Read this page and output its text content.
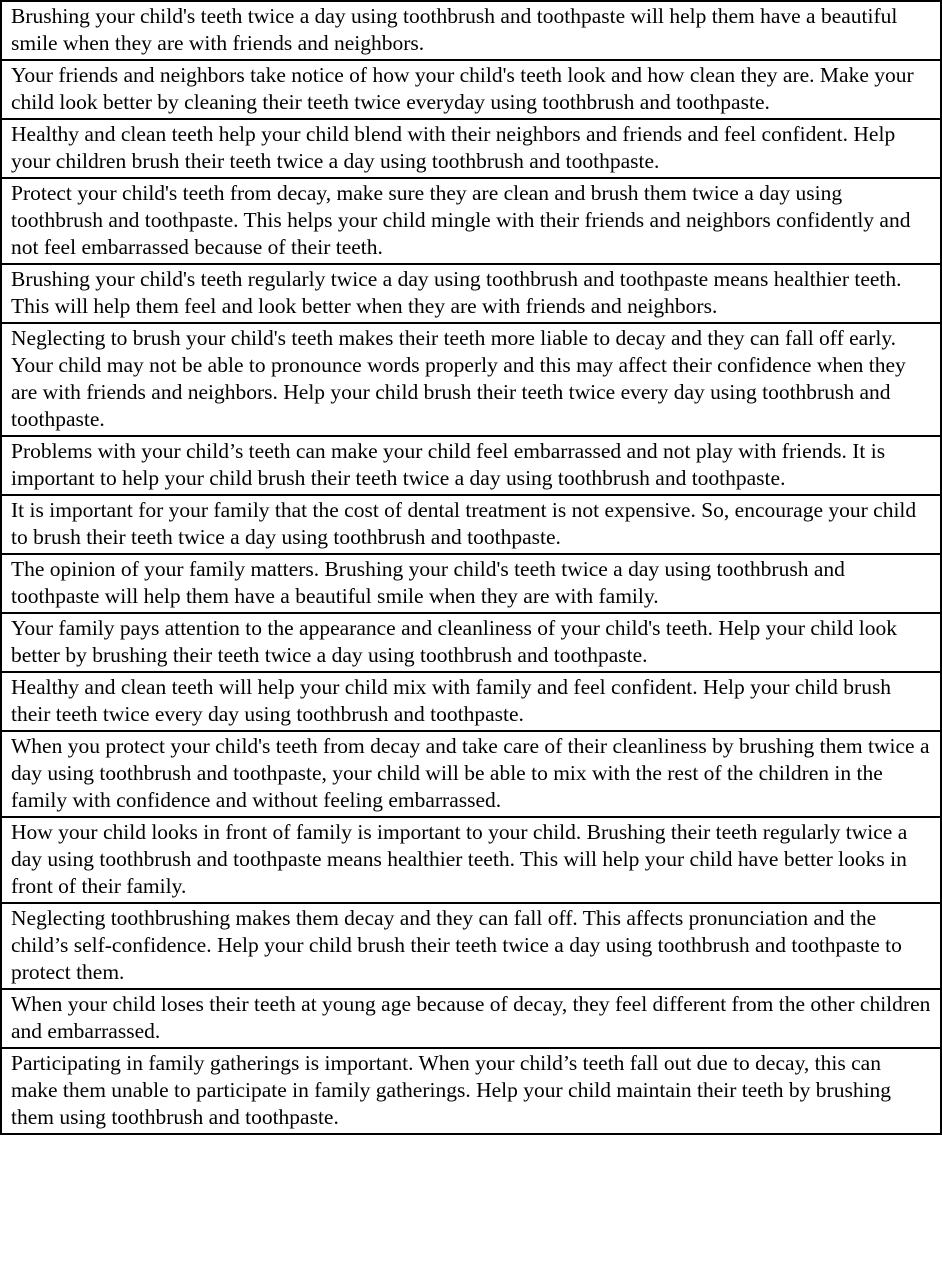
Brushing your child's teeth twice a day using toothbrush and toothpaste will help them have a beautiful smile when they are with friends and neighbors.
Your friends and neighbors take notice of how your child's teeth look and how clean they are. Make your child look better by cleaning their teeth twice everyday using toothbrush and toothpaste.
Healthy and clean teeth help your child blend with their neighbors and friends and feel confident. Help your children brush their teeth twice a day using toothbrush and toothpaste.
Protect your child's teeth from decay, make sure they are clean and brush them twice a day using toothbrush and toothpaste. This helps your child mingle with their friends and neighbors confidently and not feel embarrassed because of their teeth.
Brushing your child's teeth regularly twice a day using toothbrush and toothpaste means healthier teeth. This will help them feel and look better when they are with friends and neighbors.
Neglecting to brush your child's teeth makes their teeth more liable to decay and they can fall off early. Your child may not be able to pronounce words properly and this may affect their confidence when they are with friends and neighbors. Help your child brush their teeth twice every day using toothbrush and toothpaste.
Problems with your child’s teeth can make your child feel embarrassed and not play with friends. It is important to help your child brush their teeth twice a day using toothbrush and toothpaste.
It is important for your family that the cost of dental treatment is not expensive. So, encourage your child to brush their teeth twice a day using toothbrush and toothpaste.
The opinion of your family matters. Brushing your child's teeth twice a day using toothbrush and toothpaste will help them have a beautiful smile when they are with family.
Your family pays attention to the appearance and cleanliness of your child's teeth. Help your child look better by brushing their teeth twice a day using toothbrush and toothpaste.
Healthy and clean teeth will help your child mix with family and feel confident. Help your child brush their teeth twice every day using toothbrush and toothpaste.
When you protect your child's teeth from decay and take care of their cleanliness by brushing them twice a day using toothbrush and toothpaste, your child will be able to mix with the rest of the children in the family with confidence and without feeling embarrassed.
How your child looks in front of family is important to your child. Brushing their teeth regularly twice a day using toothbrush and toothpaste means healthier teeth. This will help your child have better looks in front of their family.
Neglecting toothbrushing makes them decay and they can fall off. This affects pronunciation and the child’s self-confidence. Help your child brush their teeth twice a day using toothbrush and toothpaste to protect them.
When your child loses their teeth at young age because of decay, they feel different from the other children and embarrassed.
Participating in family gatherings is important. When your child’s teeth fall out due to decay, this can make them unable to participate in family gatherings. Help your child maintain their teeth by brushing them using toothbrush and toothpaste.
